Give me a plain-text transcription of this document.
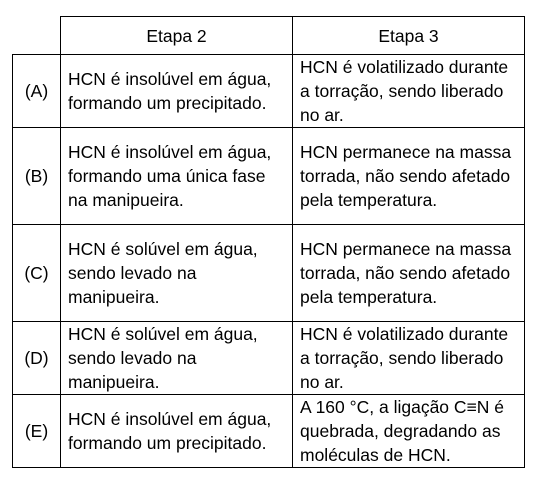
	Etapa 2	Etapa 3
(A)	HCN é insolúvel em água, formando um precipitado.	HCN é volatilizado durante a torração, sendo liberado no ar.
(B)	HCN é insolúvel em água, formando uma única fase na manipueira.	HCN permanece na massa torrada, não sendo afetado pela temperatura.
(C)	HCN é solúvel em água, sendo levado na manipueira.	HCN permanece na massa torrada, não sendo afetado pela temperatura.
(D)	HCN é solúvel em água, sendo levado na manipueira.	HCN é volatilizado durante a torração, sendo liberado no ar.
(E)	HCN é insolúvel em água, formando um precipitado.	A 160 °C, a ligação C≡N é quebrada, degradando as moléculas de HCN.
